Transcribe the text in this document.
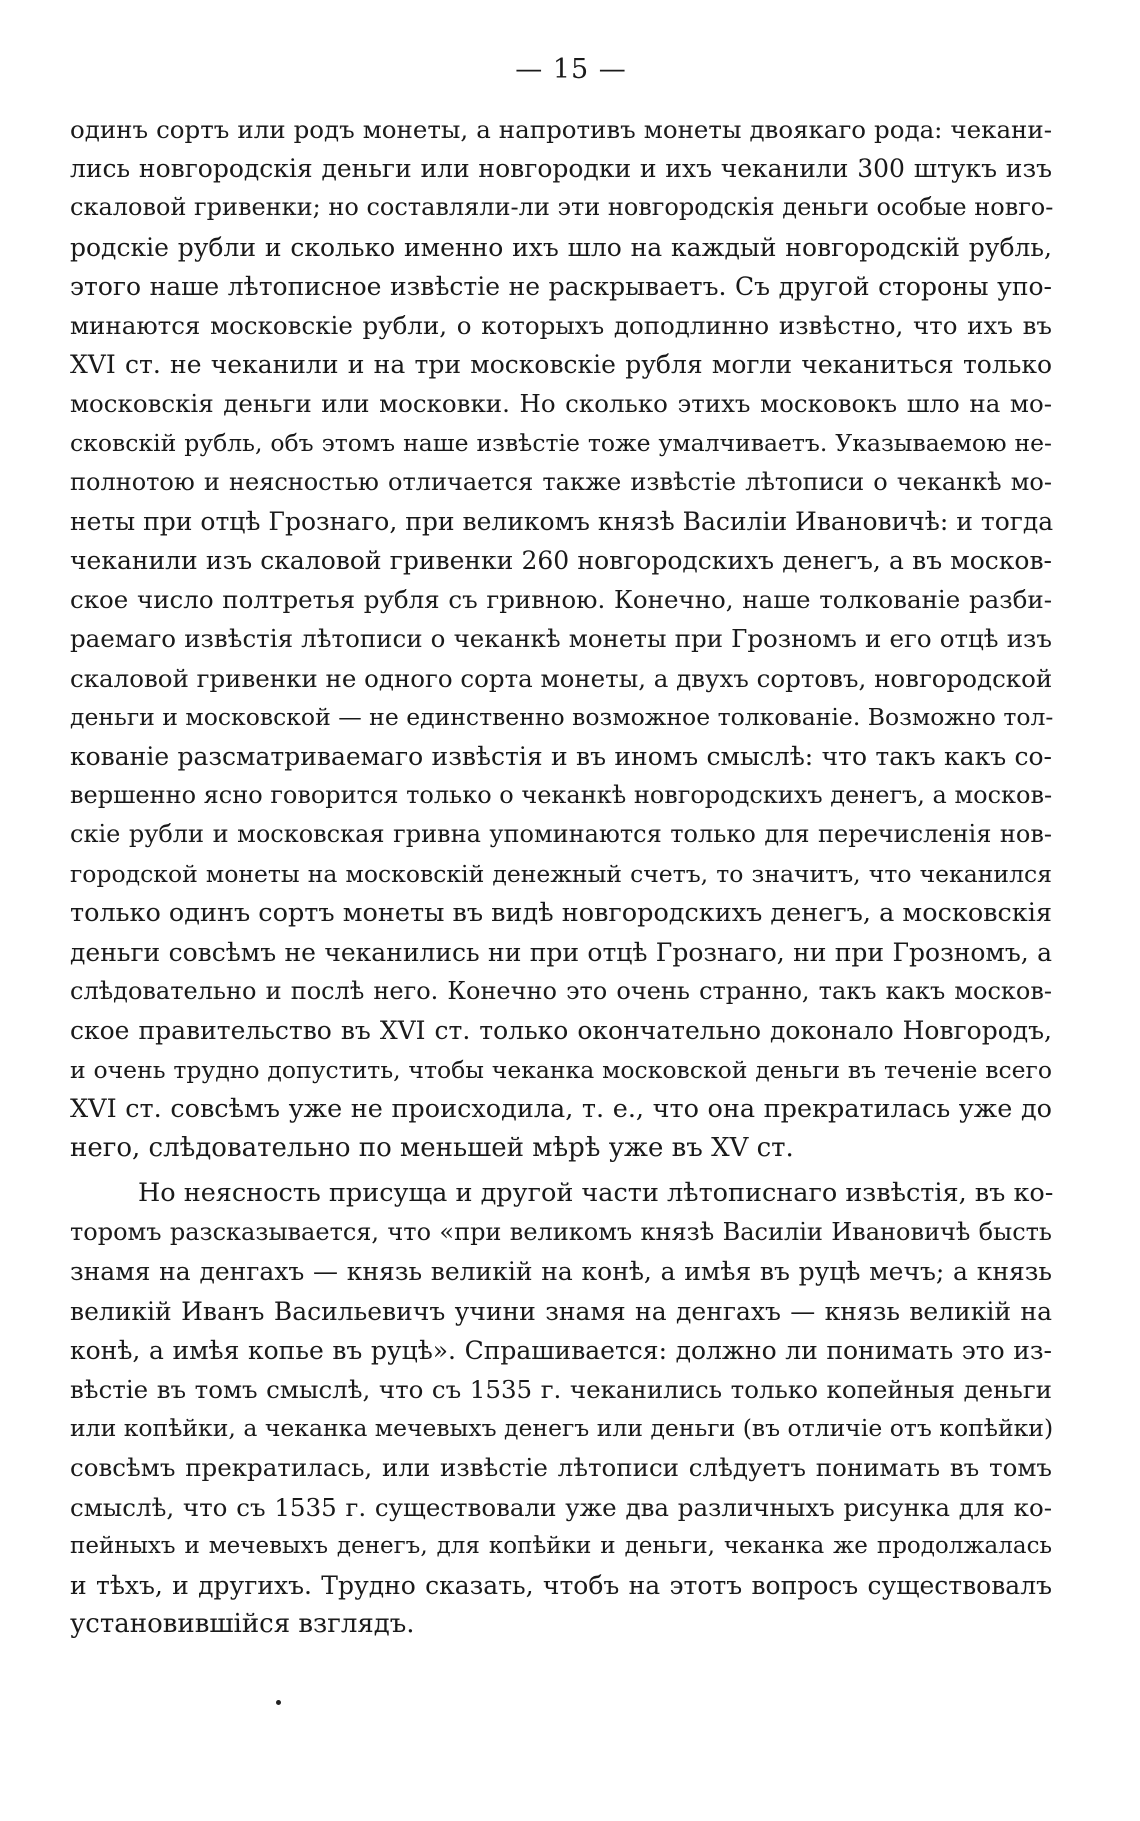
— 15 —
одинъ сортъ или родъ монеты, а напротивъ монеты двоякаго рода: чекани-
лись новгородскія деньги или новгородки и ихъ чеканили 300 штукъ изъ
скаловой гривенки; но составляли-ли эти новгородскія деньги особые новго-
родскіе рубли и сколько именно ихъ шло на каждый новгородскій рубль,
этого наше лѣтописное извѣстіе не раскрываетъ. Съ другой стороны упо-
минаются московскіе рубли, о которыхъ доподлинно извѣстно, что ихъ въ
XVI ст. не чеканили и на три московскіе рубля могли чеканиться только
московскія деньги или московки. Но сколько этихъ московокъ шло на мо-
сковскій рубль, объ этомъ наше извѣстіе тоже умалчиваетъ. Указываемою не-
полнотою и неясностью отличается также извѣстіе лѣтописи о чеканкѣ мо-
неты при отцѣ Грознаго, при великомъ князѣ Василіи Ивановичѣ: и тогда
чеканили изъ скаловой гривенки 260 новгородскихъ денегъ, а въ москов-
ское число полтретья рубля съ гривною. Конечно, наше толкованіе разби-
раемаго извѣстія лѣтописи о чеканкѣ монеты при Грозномъ и его отцѣ изъ
скаловой гривенки не одного сорта монеты, а двухъ сортовъ, новгородской
деньги и московской — не единственно возможное толкованіе. Возможно тол-
кованіе разсматриваемаго извѣстія и въ иномъ смыслѣ: что такъ какъ со-
вершенно ясно говорится только о чеканкѣ новгородскихъ денегъ, а москов-
скіе рубли и московская гривна упоминаются только для перечисленія нов-
городской монеты на московскій денежный счетъ, то значитъ, что чеканился
только одинъ сортъ монеты въ видѣ новгородскихъ денегъ, а московскія
деньги совсѣмъ не чеканились ни при отцѣ Грознаго, ни при Грозномъ, а
слѣдовательно и послѣ него. Конечно это очень странно, такъ какъ москов-
ское правительство въ XVI ст. только окончательно доконало Новгородъ,
и очень трудно допустить, чтобы чеканка московской деньги въ теченіе всего
XVI ст. совсѣмъ уже не происходила, т. е., что она прекратилась уже до
него, слѣдовательно по меньшей мѣрѣ уже въ XV ст.
Но неясность присуща и другой части лѣтописнаго извѣстія, въ ко-
торомъ разсказывается, что «при великомъ князѣ Василіи Ивановичѣ бысть
знамя на денгахъ — князь великій на конѣ, а имѣя въ руцѣ мечъ; а князь
великій Иванъ Васильевичъ учини знамя на денгахъ — князь великій на
конѣ, а имѣя копье въ руцѣ». Спрашивается: должно ли понимать это из-
вѣстіе въ томъ смыслѣ, что съ 1535 г. чеканились только копейныя деньги
или копѣйки, а чеканка мечевыхъ денегъ или деньги (въ отличіе отъ копѣйки)
совсѣмъ прекратилась, или извѣстіе лѣтописи слѣдуетъ понимать въ томъ
смыслѣ, что съ 1535 г. существовали уже два различныхъ рисунка для ко-
пейныхъ и мечевыхъ денегъ, для копѣйки и деньги, чеканка же продолжалась
и тѣхъ, и другихъ. Трудно сказать, чтобъ на этотъ вопросъ существовалъ
установившійся взглядъ.
